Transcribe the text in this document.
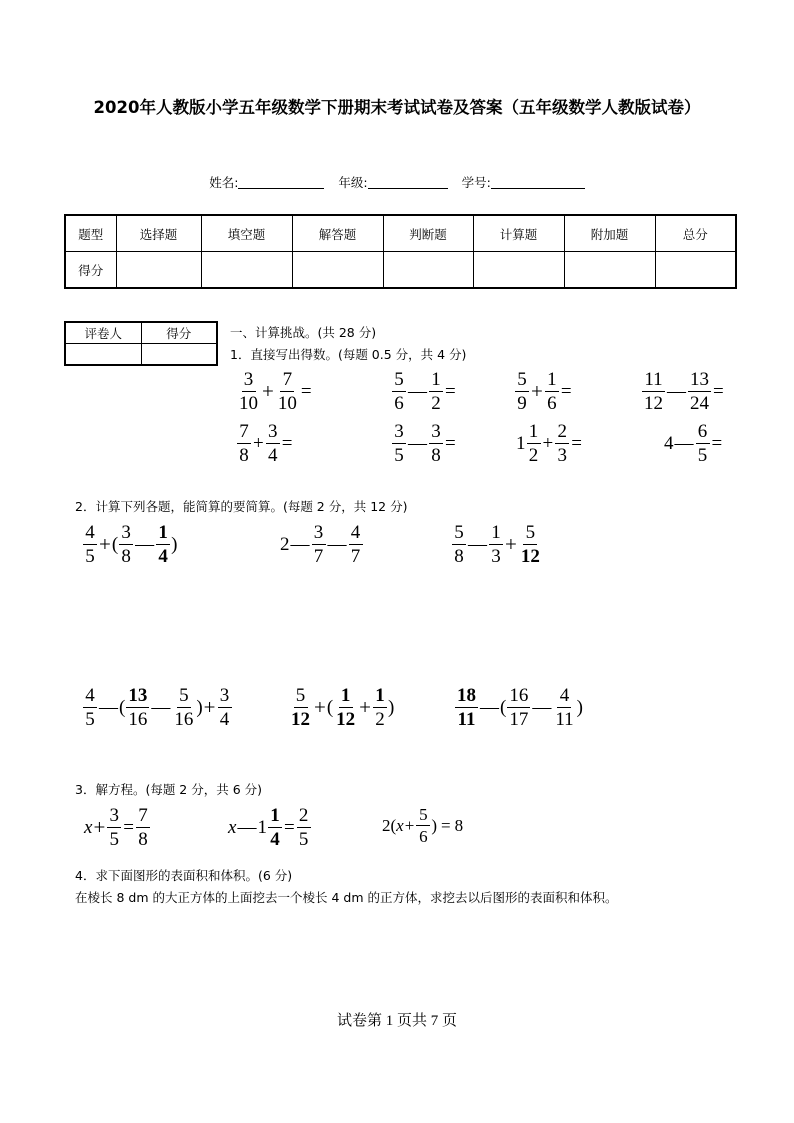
2020年人教版小学五年级数学下册期末考试试卷及答案（五年级数学人教版试卷）
姓名:	年级:	学号:
题型	选择题	填空题	解答题	判断题	计算题	附加题	总分
得分							
评卷人	得分
		一、计算挑战。(共 28 分)
1．直接写出得数。(每题 0.5 分，共 4 分)
$\frac{3}{10} + \frac{7}{10}$ =	$\frac{5}{6}$ — $\frac{1}{2}$ =	$\frac{5}{9} + \frac{1}{6}$ =	$\frac{11}{12}$ — $\frac{13}{24}$ =
$\frac{7}{8} + \frac{3}{4}$ =	$\frac{3}{5}$ — $\frac{3}{8}$ =	$1 \frac{1}{2} + \frac{2}{3}$ =	4 — $\frac{6}{5}$ =
2．计算下列各题，能简算的要简算。(每题 2 分，共 12 分)
$\frac{4}{5}$ + ( $\frac{3}{8}$ — $\frac{1}{4}$ )	2 — $\frac{3}{7}$ — $\frac{4}{7}$	$\frac{5}{8}$ — $\frac{1}{3} + \frac{5}{12}$
$\frac{4}{5}$ — ( $\frac{13}{16}$ — $\frac{5}{16}$ ) + $\frac{3}{4}$	$\frac{5}{12}$ + ( $\frac{1}{12} + \frac{1}{2}$ )	$\frac{18}{11}$ — ( $\frac{16}{17}$ — $\frac{4}{11}$ )
3．解方程。(每题 2 分，共 6 分)
$x + \frac{3}{5} = \frac{7}{8}$	x — $1 \frac{1}{4} = \frac{2}{5}$	2 ( $x + \frac{5}{6}$ ) = 8
4．求下面图形的表面积和体积。(6 分)
在棱长 8 dm 的大正方体的上面挖去一个棱长 4 dm 的正方体，求挖去以后图形的表面积和体积。
试卷第 1 页共 7 页
